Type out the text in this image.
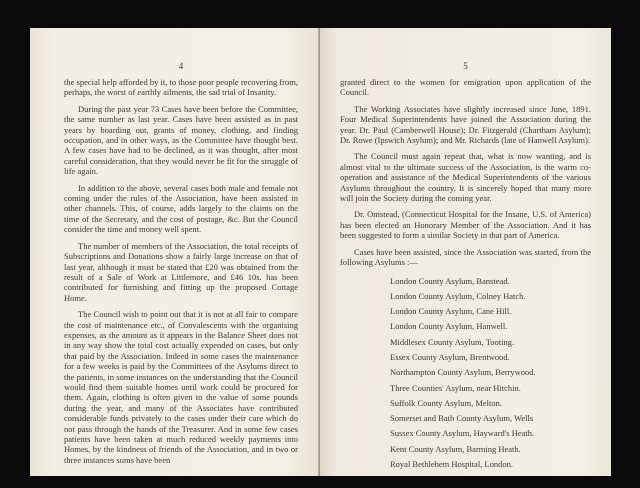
4

the special help afforded by it, to those poor people recovering from, perhaps, the worst of earthly ailments, the sad trial of Insanity.

During the past year 73 Cases have been before the Committee, the same number as last year. Cases have been assisted as in past years by boarding out, grants of money, clothing, and finding occupation, and in other ways, as the Committee have thought best. A few cases have had to be declined, as it was thought, after most careful consideration, that they would never be fit for the struggle of life again.

In addition to the above, several cases both male and female not coming under the rules of the Association, have been assisted in other channels. This, of course, adds largely to the claims on the time of the Secretary, and the cost of postage, &c. But the Council consider the time and money well spent.

The number of members of the Association, the total receipts of Subscriptions and Donations show a fairly large increase on that of last year, although it must be stated that £20 was obtained from the result of a Sale of Work at Littlemore, and £46 10s. has been contributed for furnishing and fitting up the proposed Cottage Home.

The Council wish to point out that it is not at all fair to compare the cost of maintenance etc., of Convalescents with the organising expenses, as the amount as it appears in the Balance Sheet does not in any way show the total cost actually expended on cases, but only that paid by the Association. Indeed in some cases the maintenance for a few weeks is paid by the Committees of the Asylums direct to the patients, in some instances on the understanding that the Council would find them suitable homes until work could be procured for them. Again, clothing is often given to the value of some pounds during the year, and many of the Associates have contributed considerable funds privately to the cases under their care which do not pass through the hands of the Treasurer. And in some few cases patients have been taken at much reduced weekly payments into Homes, by the kindness of friends of the Association, and in two or three instances sums have been

5

granted direct to the women for emigration upon application of the Council.

The Working Associates have slightly increased since June, 1891. Four Medical Superintendents have joined the Association during the year. Dr. Paul (Camberwell House); Dr. Fitzgerald (Chartham Asylum); Dr. Rowe (Ipswich Asylum); and Mr. Richards (late of Hanwell Asylum).

The Council must again repeat that, what is now wanting, and is almost vital to the ultimate success of the Association, is the warm co-operation and assistance of the Medical Superintendents of the various Asylums throughout the country. It is sincerely hoped that many more will join the Society during the coming year.

Dr. Omstead, (Connecticut Hospital for the Insane, U.S. of America) has been elected an Honorary Member of the Association. And it has been suggested to form a similar Society in that part of America.

Cases have been assisted, since the Association was started, from the following Asylums :—

London County Asylum, Banstead.
London County Asylum, Colney Hatch.
London County Asylum, Cane Hill.
London County Asylum, Hanwell.
Middlesex County Asylum, Tooting.
Essex County Asylum, Brentwood.
Northampton County Asylum, Berrywood.
Three Counties' Asylum, near Hitchin.
Suffolk County Asylum, Melton.
Somerset and Bath County Asylum, Wells
Sussex County Asylum, Hayward's Heath.
Kent County Asylum, Barming Heath.
Royal Bethlehem Hospital, London.
